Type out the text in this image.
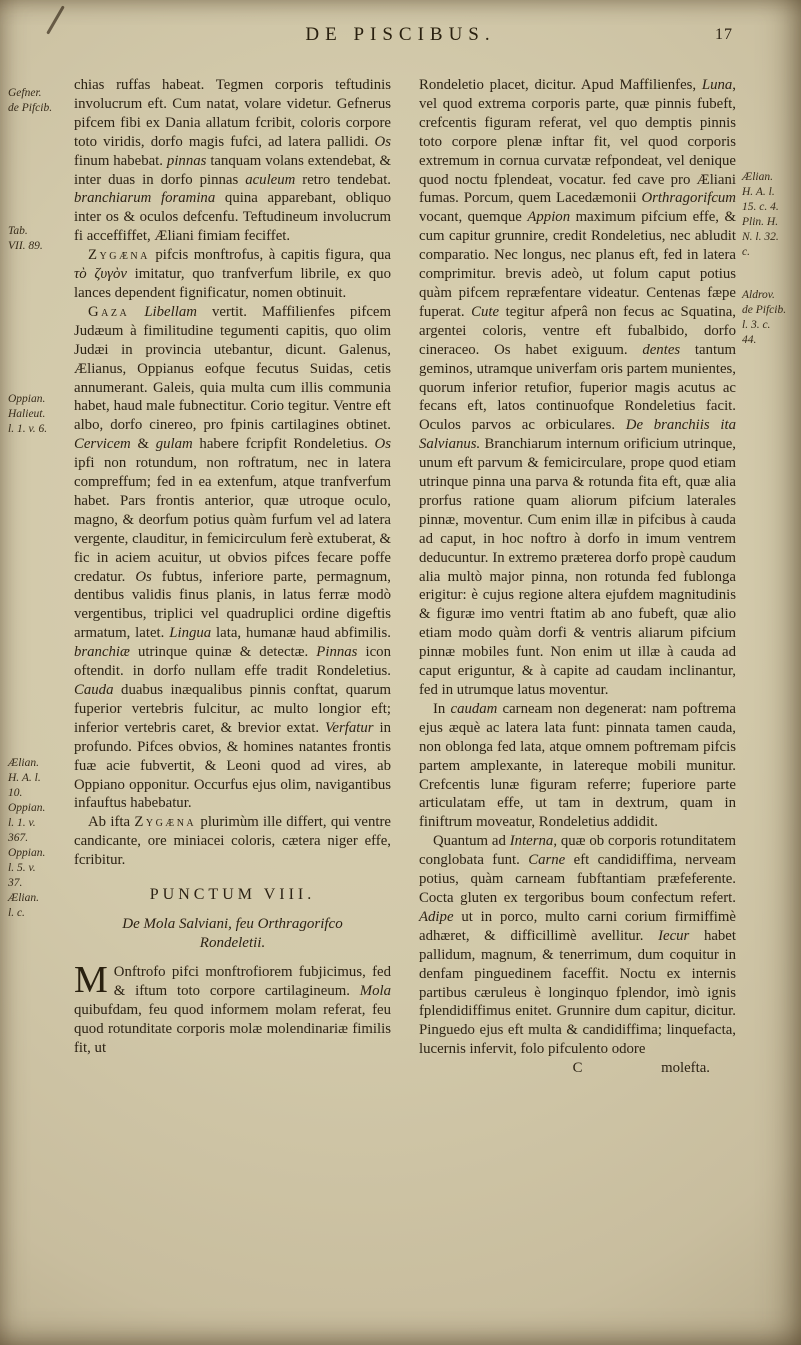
DE PISCIBUS.	17

chias ruffas habeat. Tegmen corporis teftudinis involucrum eft. Cum natat, volare videtur. Gefnerus pifcem fibi ex Dania allatum fcribit, coloris corpore toto viridis, dorfo magis fufci, ad latera pallidi. Os finum habebat. pinnas tanquam volans extendebat, & inter duas in dorfo pinnas aculeum retro tendebat. branchiarum foramina quina apparebant, obliquo inter os & oculos defcenfu. Teftudineum involucrum fi acceffiffet, Æliani fimiam feciffet.

Zygæna pifcis monftrofus, à capitis figura, qua τὸ ζυγὸν imitatur, quo tranfverfum librile, ex quo lances dependent fignificatur, nomen obtinuit.

Gaza Libellam vertit. Maffilienfes pifcem Judæum à fimilitudine tegumenti capitis, quo olim Judæi in provincia utebantur, dicunt. Galenus, Ælianus, Oppianus eofque fecutus Suidas, cetis annumerant. Galeis, quia multa cum illis communia habet, haud male fubnectitur. Corio tegitur. Ventre eft albo, dorfo cinereo, pro fpinis cartilagines obtinet. Cervicem & gulam habere fcripfit Rondeletius. Os ipfi non rotundum, non roftratum, nec in latera compreffum; fed in ea extenfum, atque tranfverfum habet. Pars frontis anterior, quæ utroque oculo, magno, & deorfum potius quàm furfum vel ad latera vergente, clauditur, in femicirculum ferè extuberat, & fic in aciem acuitur, ut obvios pifces fecare poffe credatur. Os fubtus, inferiore parte, permagnum, dentibus validis finus planis, in latus ferræ modò vergentibus, triplici vel quadruplici ordine digeftis armatum, latet. Lingua lata, humanæ haud abfimilis. branchiæ utrinque quinæ & detectæ. Pinnas icon oftendit. in dorfo nullam effe tradit Rondeletius. Cauda duabus inæqualibus pinnis conftat, quarum fuperior vertebris fulcitur, ac multo longior eft; inferior vertebris caret, & brevior extat. Verfatur in profundo. Pifces obvios, & homines natantes frontis fuæ acie fubvertit, & Leoni quod ad vires, ab Oppiano opponitur. Occurfus ejus olim, navigantibus infauftus habebatur.

Ab ifta Zygæna plurimùm ille differt, qui ventre candicante, ore miniacei coloris, cætera niger effe, fcribitur.

PUNCTUM VIII.
De Mola Salviani, feu Orthragorifco Rondeletii.

M Onftrofo pifci monftrofiorem fubjicimus, fed & iftum toto corpore cartilagineum. Mola quibufdam, feu quod informem molam referat, feu quod rotunditate corporis molæ molendinariæ fimilis fit, ut

Rondeletio placet, dicitur. Apud Maffilienfes, Luna, vel quod extrema corporis parte, quæ pinnis fubeft, crefcentis figuram referat, vel quo demptis pinnis toto corpore plenæ inftar fit, vel quod corporis extremum in cornua curvatæ refpondeat, vel denique quod noctu fplendeat, vocatur. fed cave pro Æliani fumas. Porcum, quem Lacedæmonii Orthragorifcum vocant, quemque Appion maximum pifcium effe, & cum capitur grunnire, credit Rondeletius, nec abludit comparatio. Nec longus, nec planus eft, fed in latera comprimitur. brevis adeò, ut folum caput potius quàm pifcem repræfentare videatur. Centenas fæpe fuperat. Cute tegitur afperâ non fecus ac Squatina, argentei coloris, ventre eft fubalbido, dorfo cineraceo. Os habet exiguum. dentes tantum geminos, utramque univerfam oris partem munientes, quorum inferior retufior, fuperior magis acutus ac fecans eft, latos continuofque Rondeletius facit. Oculos parvos ac orbiculares. De branchiis ita Salvianus. Branchiarum internum orificium utrinque, unum eft parvum & femicirculare, prope quod etiam utrinque pinna una parva & rotunda fita eft, quæ alia prorfus ratione quam aliorum pifcium laterales pinnæ, moventur. Cum enim illæ in pifcibus à cauda ad caput, in hoc noftro à dorfo in imum ventrem deducuntur. In extremo præterea dorfo propè caudum alia multò major pinna, non rotunda fed fublonga erigitur: è cujus regione altera ejufdem magnitudinis & figuræ imo ventri ftatim ab ano fubeft, quæ alio etiam modo quàm dorfi & ventris aliarum pifcium pinnæ mobiles funt. Non enim ut illæ à cauda ad caput eriguntur, & à capite ad caudam inclinantur, fed in utrumque latus moventur.

In caudam carneam non degenerat: nam poftrema ejus æquè ac latera lata funt: pinnata tamen cauda, non oblonga fed lata, atque omnem poftremam pifcis partem amplexante, in latereque mobili munitur. Crefcentis lunæ figuram referre; fuperiore parte articulatam effe, ut tam in dextrum, quam in finiftrum moveatur, Rondeletius addidit.

Quantum ad Interna, quæ ob corporis rotunditatem conglobata funt. Carne eft candidiffima, nerveam potius, quàm carneam fubftantiam præfeferente. Cocta gluten ex tergoribus boum confectum refert. Adipe ut in porco, multo carni corium firmiffimè adhæret, & difficillimè avellitur. Iecur habet pallidum, magnum, & tenerrimum, dum coquitur in denfam pinguedinem faceffit. Noctu ex internis partibus cæruleus è longinquo fplendor, imò ignis fplendidiffimus enitet. Grunnire dum capitur, dicitur. Pinguedo ejus eft multa & candidiffima; linquefacta, lucernis infervit, folo pifculento odore

C	molefta.
Gefner.
de Pifcib.
Tab.
VII. 89.
Oppian.
Halieut.
l. 1. v. 6.
Ælian.
H. A. l.
10.
Oppian.
l. 1. v.
367.
Oppian.
l. 5. v.
37.
Ælian.
l. c.
Ælian.
H. A. l.
15. c. 4.
Plin. H.
N. l. 32.
c.
Aldrov.
de Pifcib.
l. 3. c.
44.
